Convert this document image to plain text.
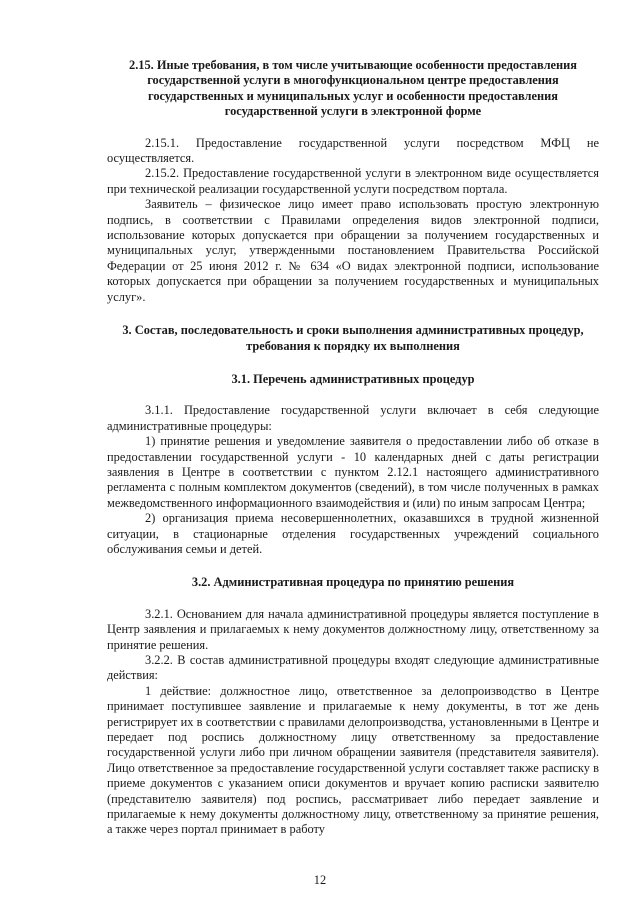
2.15. Иные требования, в том числе учитывающие особенности предоставления государственной услуги в многофункциональном центре предоставления государственных и муниципальных услуг и особенности предоставления государственной услуги в электронной форме

2.15.1. Предоставление государственной услуги посредством МФЦ не осуществляется.

2.15.2. Предоставление государственной услуги в электронном виде осуществляется при технической реализации государственной услуги посредством портала.

Заявитель – физическое лицо имеет право использовать простую электронную подпись, в соответствии с Правилами определения видов электронной подписи, использование которых допускается при обращении за получением государственных и муниципальных услуг, утвержденными постановлением Правительства Российской Федерации от 25 июня 2012 г. № 634 «О видах электронной подписи, использование которых допускается при обращении за получением государственных и муниципальных услуг».

3. Состав, последовательность и сроки выполнения административных процедур, требования к порядку их выполнения
3.1. Перечень административных процедур

3.1.1. Предоставление государственной услуги включает в себя следующие административные процедуры:

1) принятие решения и уведомление заявителя о предоставлении либо об отказе в предоставлении государственной услуги - 10 календарных дней с даты регистрации заявления в Центре в соответствии с пунктом 2.12.1 настоящего административного регламента с полным комплектом документов (сведений), в том числе полученных в рамках межведомственного информационного взаимодействия и (или) по иным запросам Центра;

2) организация приема несовершеннолетних, оказавшихся в трудной жизненной ситуации, в стационарные отделения государственных учреждений социального обслуживания семьи и детей.

3.2. Административная процедура по принятию решения

3.2.1. Основанием для начала административной процедуры является поступление в Центр заявления и прилагаемых к нему документов должностному лицу, ответственному за принятие решения.

3.2.2. В состав административной процедуры входят следующие административные действия:

1 действие: должностное лицо, ответственное за делопроизводство в Центре принимает поступившее заявление и прилагаемые к нему документы, в тот же день регистрирует их в соответствии с правилами делопроизводства, установленными в Центре и передает под роспись должностному лицу ответственному за предоставление государственной услуги либо при личном обращении заявителя (представителя заявителя). Лицо ответственное за предоставление государственной услуги составляет также расписку в приеме документов с указанием описи документов и вручает копию расписки заявителю (представителю заявителя) под роспись, рассматривает либо передает заявление и прилагаемые к нему документы должностному лицу, ответственному за принятие решения, а также через портал принимает в работу

12
